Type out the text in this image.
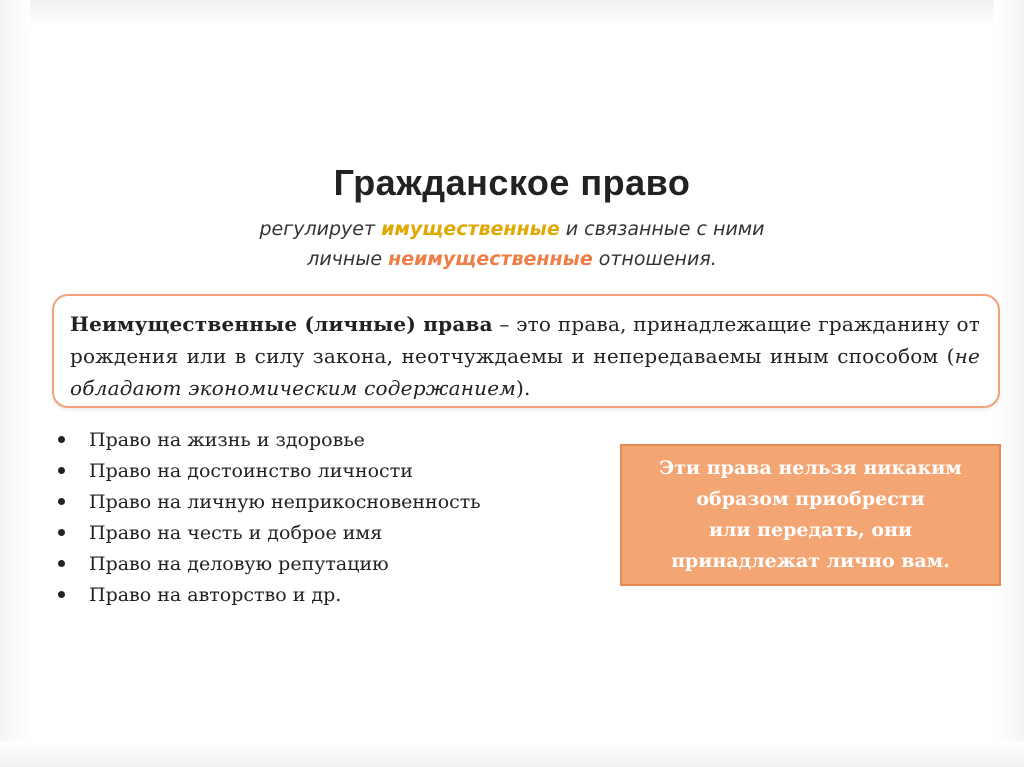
Гражданское право
регулирует имущественные и связанные с ними
личные неимущественные отношения.
Неимущественные (личные) права – это права, принадлежащие гражданину от рождения или в силу закона, неотчуждаемы и непередаваемы иным способом (не обладают экономическим содержанием).
Право на жизнь и здоровье
Право на достоинство личности
Право на личную неприкосновенность
Право на честь и доброе имя
Право на деловую репутацию
Право на авторство и др.
Эти права нельзя никаким
образом приобрести
или передать, они
принадлежат лично вам.
